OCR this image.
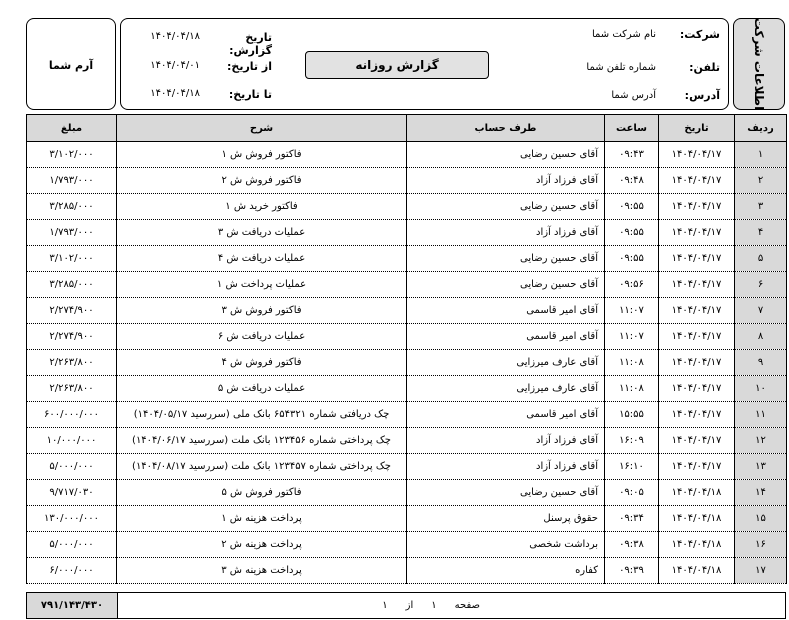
اطلاعات شرکت
شرکت:
نام شرکت شما
تلفن:
شماره تلفن شما
آدرس:
آدرس شما
گزارش روزانه
تاریخ گزارش:
۱۴۰۴/۰۴/۱۸
از تاریخ:
۱۴۰۴/۰۴/۰۱
تا تاریخ:
۱۴۰۴/۰۴/۱۸
آرم شما
ردیف	تاریخ	ساعت	طرف حساب	شرح	مبلغ
۱	۱۴۰۴/۰۴/۱۷	۰۹:۴۳	آقای حسین رضایی	فاکتور فروش ش ۱	۳/۱۰۲/۰۰۰
۲	۱۴۰۴/۰۴/۱۷	۰۹:۴۸	آقای فرزاد آزاد	فاکتور فروش ش ۲	۱/۷۹۳/۰۰۰
۳	۱۴۰۴/۰۴/۱۷	۰۹:۵۵	آقای حسین رضایی	فاکتور خرید ش ۱	۳/۲۸۵/۰۰۰
۴	۱۴۰۴/۰۴/۱۷	۰۹:۵۵	آقای فرزاد آزاد	عملیات دریافت ش ۳	۱/۷۹۳/۰۰۰
۵	۱۴۰۴/۰۴/۱۷	۰۹:۵۵	آقای حسین رضایی	عملیات دریافت ش ۴	۳/۱۰۲/۰۰۰
۶	۱۴۰۴/۰۴/۱۷	۰۹:۵۶	آقای حسین رضایی	عملیات پرداخت ش ۱	۳/۲۸۵/۰۰۰
۷	۱۴۰۴/۰۴/۱۷	۱۱:۰۷	آقای امیر قاسمی	فاکتور فروش ش ۳	۲/۲۷۴/۹۰۰
۸	۱۴۰۴/۰۴/۱۷	۱۱:۰۷	آقای امیر قاسمی	عملیات دریافت ش ۶	۲/۲۷۴/۹۰۰
۹	۱۴۰۴/۰۴/۱۷	۱۱:۰۸	آقای عارف میرزایی	فاکتور فروش ش ۴	۲/۲۶۳/۸۰۰
۱۰	۱۴۰۴/۰۴/۱۷	۱۱:۰۸	آقای عارف میرزایی	عملیات دریافت ش ۵	۲/۲۶۳/۸۰۰
۱۱	۱۴۰۴/۰۴/۱۷	۱۵:۵۵	آقای امیر قاسمی	چک دریافتی شماره ۶۵۴۳۲۱ بانک ملی (سررسید ۱۴۰۴/۰۵/۱۷)	۶۰۰/۰۰۰/۰۰۰
۱۲	۱۴۰۴/۰۴/۱۷	۱۶:۰۹	آقای فرزاد آزاد	چک پرداختی شماره ۱۲۳۴۵۶ بانک ملت (سررسید ۱۴۰۴/۰۶/۱۷)	۱۰/۰۰۰/۰۰۰
۱۳	۱۴۰۴/۰۴/۱۷	۱۶:۱۰	آقای فرزاد آزاد	چک پرداختی شماره ۱۲۳۴۵۷ بانک ملت (سررسید ۱۴۰۴/۰۸/۱۷)	۵/۰۰۰/۰۰۰
۱۴	۱۴۰۴/۰۴/۱۸	۰۹:۰۵	آقای حسین رضایی	فاکتور فروش ش ۵	۹/۷۱۷/۰۳۰
۱۵	۱۴۰۴/۰۴/۱۸	۰۹:۳۴	حقوق پرسنل	پرداخت هزینه ش ۱	۱۳۰/۰۰۰/۰۰۰
۱۶	۱۴۰۴/۰۴/۱۸	۰۹:۳۸	برداشت شخصی	پرداخت هزینه ش ۲	۵/۰۰۰/۰۰۰
۱۷	۱۴۰۴/۰۴/۱۸	۰۹:۳۹	کفاره	پرداخت هزینه ش ۳	۶/۰۰۰/۰۰۰
۷۹۱/۱۴۳/۴۳۰	صفحه
۱
از
۱
